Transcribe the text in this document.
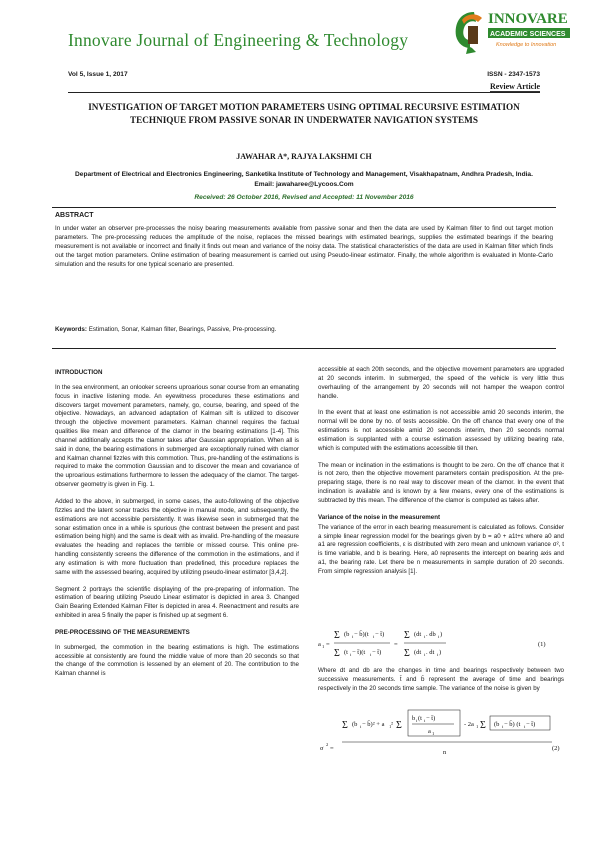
Innovare Journal of Engineering & Technology
INNOVARE
ACADEMIC SCIENCES
Knowledge to Innovation
Vol 5, Issue 1, 2017	ISSN - 2347-1573
Review Article
INVESTIGATION OF TARGET MOTION PARAMETERS USING OPTIMAL RECURSIVE ESTIMATION TECHNIQUE FROM PASSIVE SONAR IN UNDERWATER NAVIGATION SYSTEMS
JAWAHAR A*, RAJYA LAKSHMI CH
Department of Electrical and Electronics Engineering, Sanketika Institute of Technology and Management, Visakhapatnam, Andhra Pradesh, India. Email: jawaharee@Lycoos.Com
Received: 26 October 2016, Revised and Accepted: 11 November 2016
ABSTRACT
In under water an observer pre-processes the noisy bearing measurements available from passive sonar and then the data are used by Kalman filter to find out target motion parameters. The pre-processing reduces the amplitude of the noise, replaces the missed bearings with estimated bearings, supplies the estimated bearings if the bearing measurement is not available or incorrect and finally it finds out mean and variance of the noisy data. The statistical characteristics of the data are used in Kalman filter which finds out the target motion parameters. Online estimation of bearing measurement is carried out using Pseudo-linear estimator. Finally, the whole algorithm is evaluated in Monte-Carlo simulation and the results for one typical scenario are presented.
Keywords: Estimation, Sonar, Kalman filter, Bearings, Passive, Pre-processing.
INTRODUCTION

In the sea environment, an onlooker screens uproarious sonar course from an emanating focus in inactive listening mode. An eyewitness procedures these estimations and discovers target movement parameters, namely, go, course, bearing, and speed of the objective. Nowadays, an advanced adaptation of Kalman sift is utilized to discover through the objective movement parameters. Kalman channel requires the factual qualities like mean and difference of the clamor in the bearing estimations [1-4]. This channel additionally accepts the clamor takes after Gaussian appropriation. When all is said in done, the bearing estimations in submerged are exceptionally ruined with clamor and Kalman channel fizzles with this commotion. Thus, pre-handling of the estimations is required to make the commotion Gaussian and to discover the mean and covariance of the uproarious estimations furthermore to lessen the adequacy of the clamor. The target-observer geometry is given in Fig. 1.

Added to the above, in submerged, in some cases, the auto-following of the objective fizzles and the latent sonar tracks the objective in manual mode, and subsequently, the estimations are not accessible persistently. It was likewise seen in submerged that the sonar estimation once in a while is spurious (the contrast between the present and past estimation being high) and the same is dealt with as invalid. Pre-handling of the measure evaluates the heading and replaces the terrible or missed course. This online pre-handling consistently screens the difference of the commotion in the estimations, and if any estimation is with more fluctuation than predefined, this procedure replaces the same with the assessed bearing, acquired by utilizing pseudo-linear estimator [3,4,2].

Segment 2 portrays the scientific displaying of the pre-preparing of information. The estimation of bearing utilizing Pseudo Linear estimator is depicted in area 3. Changed Gain Bearing Extended Kalman Filter is depicted in area 4. Reenactment and results are exhibited in area 5 finally the paper is finished up at segment 6.

PRE-PROCESSING OF THE MEASUREMENTS

In submerged, the commotion in the bearing estimations is high. The estimations accessible at consistently are found the middle value of more than 20 seconds so that the change of the commotion is lessened by an element of 20. The contribution to the Kalman channel is

accessible at each 20th seconds, and the objective movement parameters are upgraded at 20 seconds interim. In submerged, the speed of the vehicle is very little thus overhauling of the arrangement by 20 seconds will not hamper the weapon control handle.

In the event that at least one estimation is not accessible amid 20 seconds interim, the normal will be done by no. of tests accessible. On the off chance that every one of the estimations is not accessible amid 20 seconds interim, then 20 seconds normal estimation is supplanted with a course estimation assessed by utilizing bearing rate, which is computed with the estimations accessible till then.

The mean or inclination in the estimations is thought to be zero. On the off chance that it is not zero, then the objective movement parameters contain predisposition. At the pre-preparing stage, there is no real way to discover mean of the clamor. In the event that inclination is available and is known by a few means, every one of the estimations is subtracted by this mean. The difference of the clamor is computed as takes after.

Variance of the noise in the measurement

The variance of the error in each bearing measurement is calculated as follows. Consider a simple linear regression model for the bearings given by b = a0 + a1t+ε where a0 and a1 are regression coefficients, ε is distributed with zero mean and unknown variance σ², t is time variable, and b is bearing. Here, a0 represents the intercept on bearing axis and a1, the bearing rate. Let there be n measurements in sample duration of 20 seconds. From simple regression analysis [1].

a 1 =
Σ (b i − b̄)(t i − t̄)
Σ (t i − t̄)(t i − t̄)
=
Σ (dt i . db i )
Σ (dt i . dt i )
(1)

Where dt and db are the changes in time and bearings respectively between two successive measurements. t̄ and b̄ represent the average of time and bearings respectively in the 20 seconds time sample. The variance of the noise is given by

σ
2
=
Σ (b i − b̄)² + a 1 ² Σ
b i (t i − t̄)
a 1
- 2a 1 Σ (b i − b̄) (t i − t̄)
n
(2)
